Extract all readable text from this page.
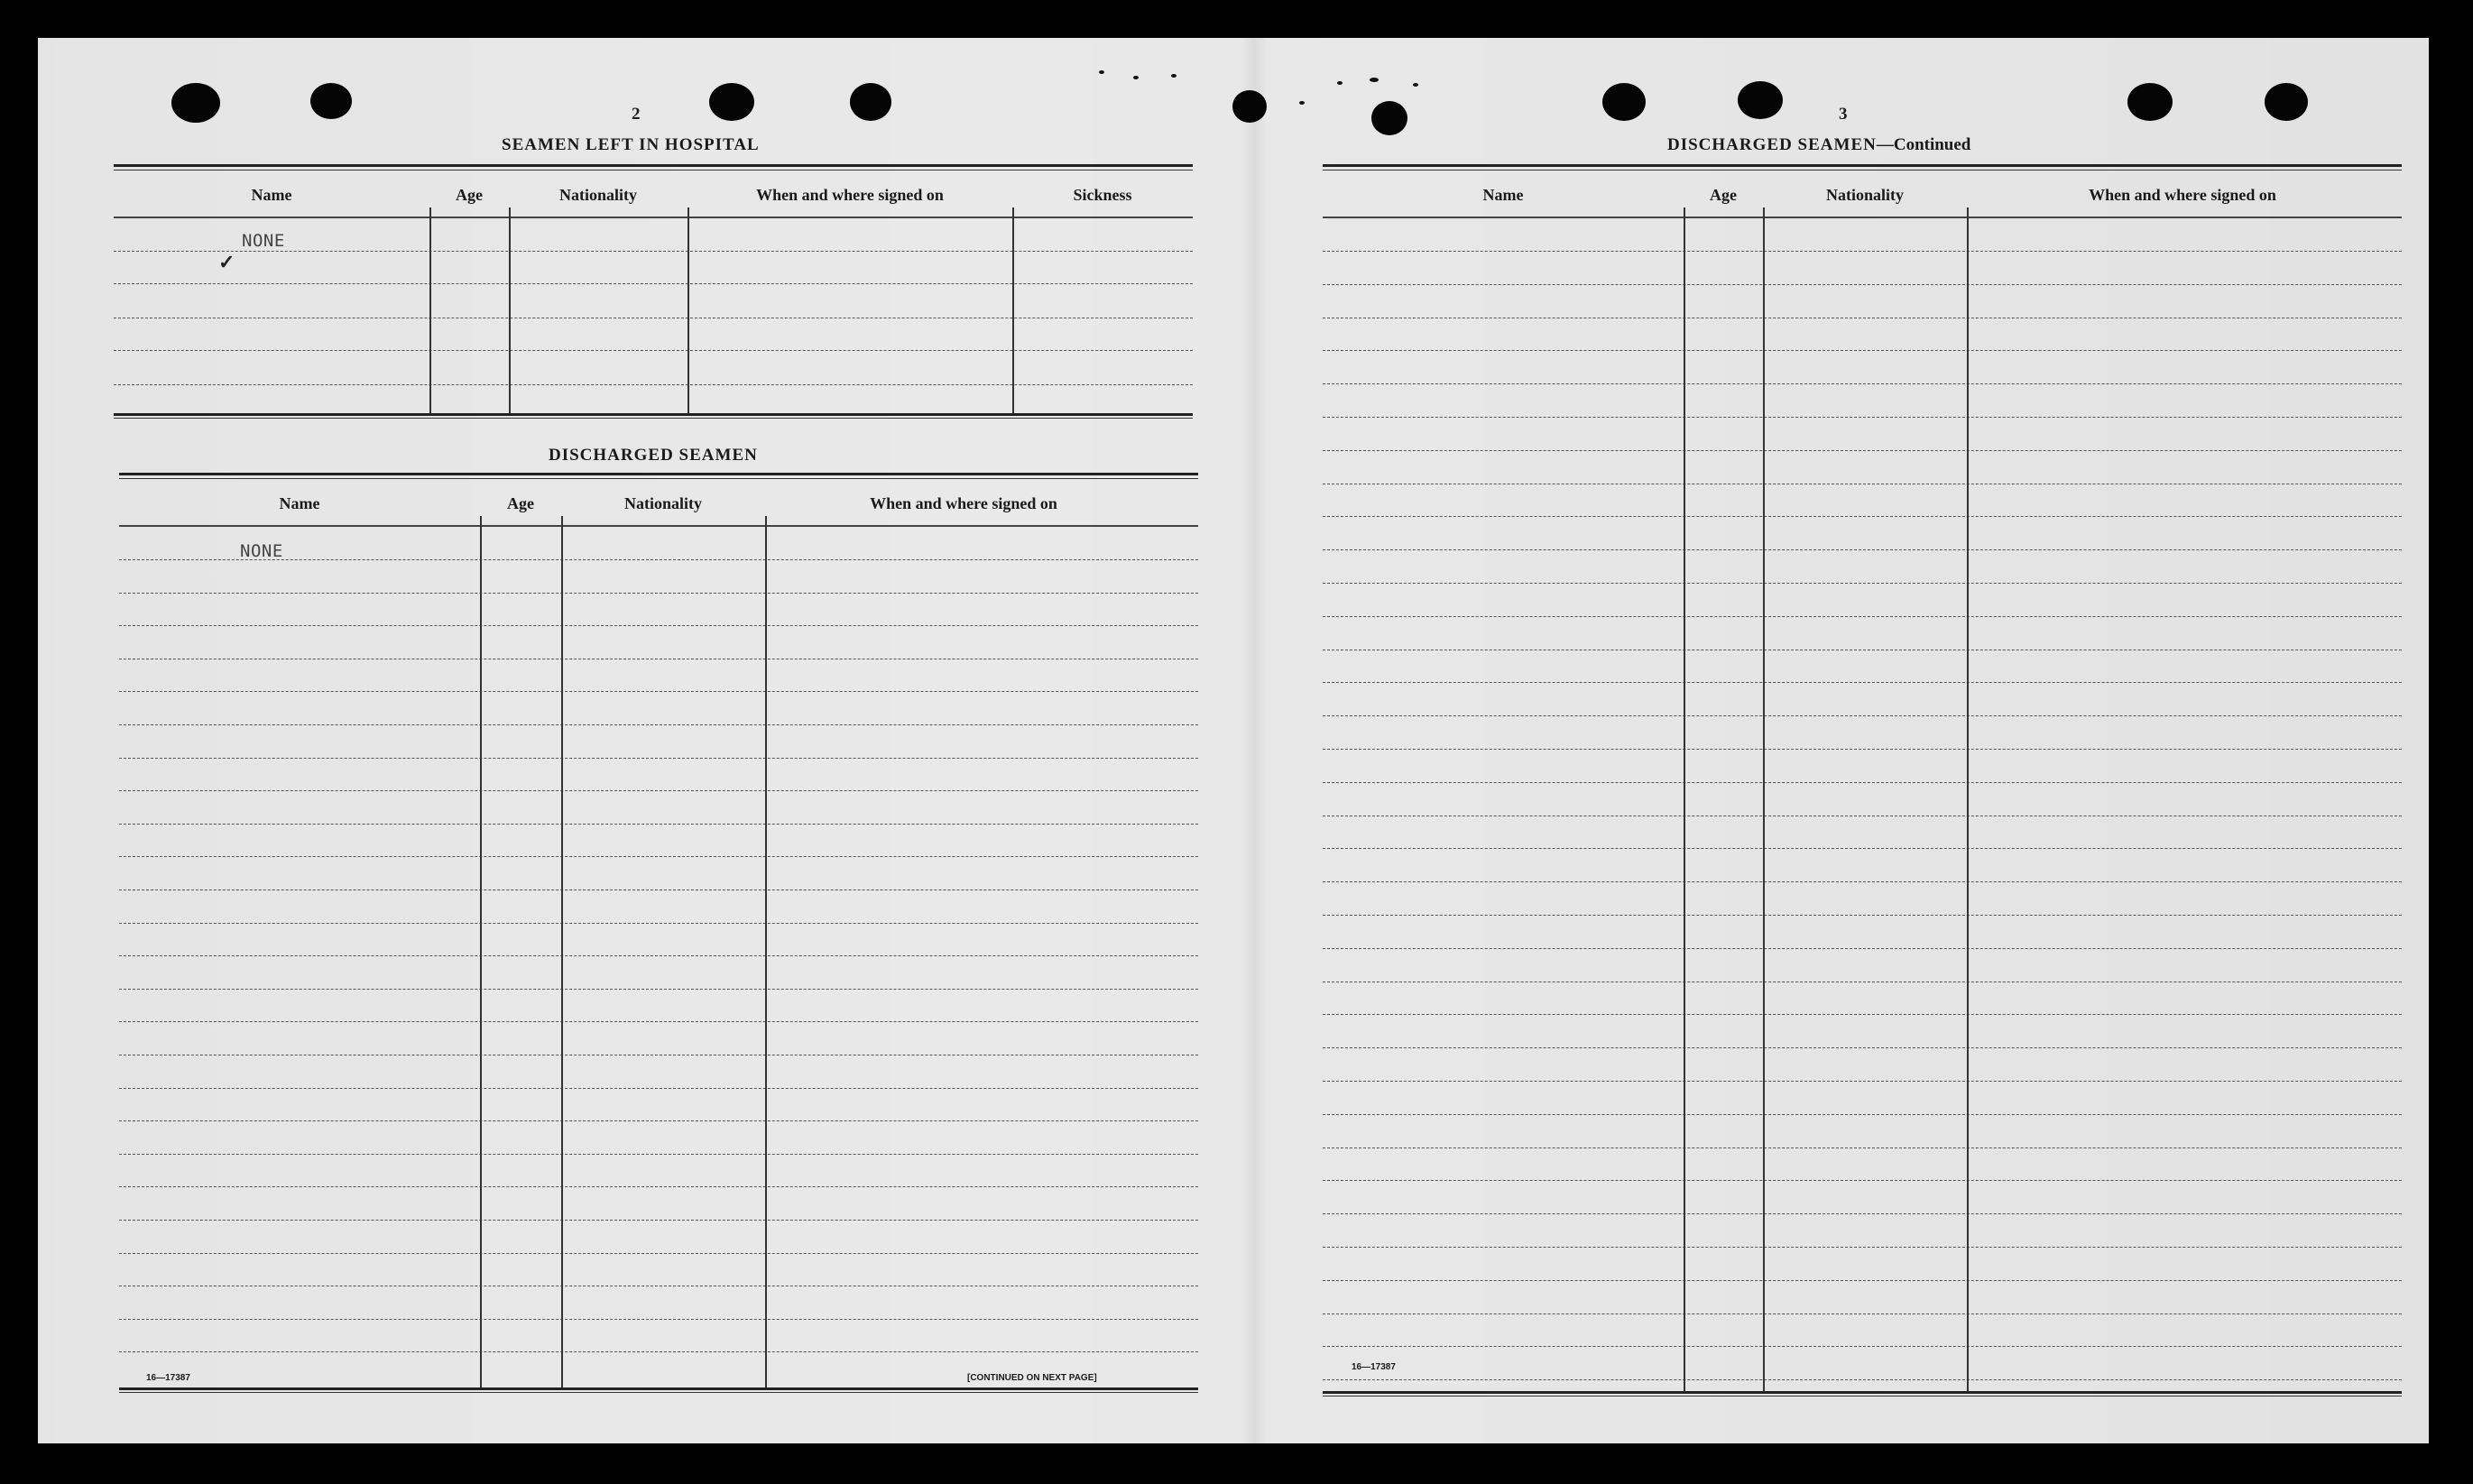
2
SEAMEN LEFT IN HOSPITAL
Name	Age	Nationality	When and where signed on	Sickness
NONE
✓
DISCHARGED SEAMEN
Name	Age	Nationality	When and where signed on
NONE
16—17387	[CONTINUED ON NEXT PAGE]
3
DISCHARGED SEAMEN—Continued
Name	Age	Nationality	When and where signed on
16—17387
